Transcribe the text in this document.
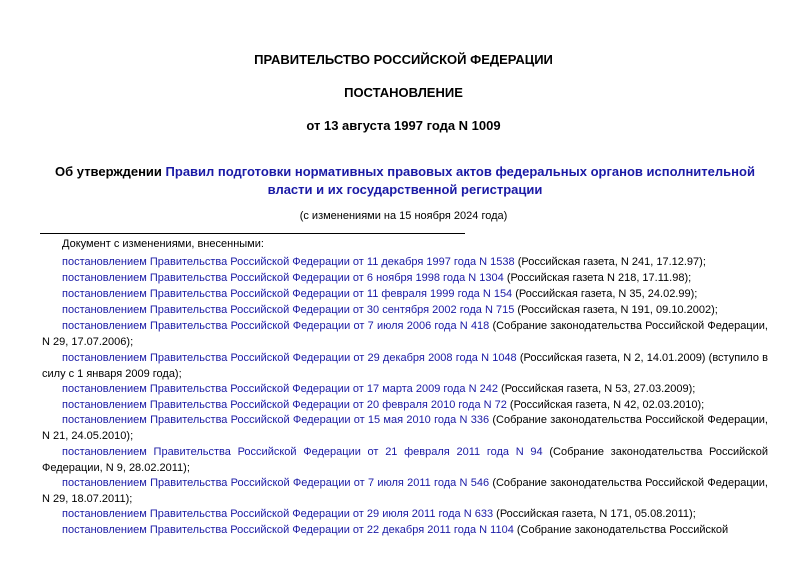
ПРАВИТЕЛЬСТВО РОССИЙСКОЙ ФЕДЕРАЦИИ
ПОСТАНОВЛЕНИЕ
от 13 августа 1997 года N 1009
Об утверждении Правил подготовки нормативных правовых актов федеральных органов исполнительной власти и их государственной регистрации
(с изменениями на 15 ноября 2024 года)
Документ с изменениями, внесенными:
постановлением Правительства Российской Федерации от 11 декабря 1997 года N 1538 (Российская газета, N 241, 17.12.97);
постановлением Правительства Российской Федерации от 6 ноября 1998 года N 1304 (Российская газета N 218, 17.11.98);
постановлением Правительства Российской Федерации от 11 февраля 1999 года N 154 (Российская газета, N 35, 24.02.99);
постановлением Правительства Российской Федерации от 30 сентября 2002 года N 715 (Российская газета, N 191, 09.10.2002);
постановлением Правительства Российской Федерации от 7 июля 2006 года N 418 (Собрание законодательства Российской Федерации, N 29, 17.07.2006);
постановлением Правительства Российской Федерации от 29 декабря 2008 года N 1048 (Российская газета, N 2, 14.01.2009) (вступило в силу с 1 января 2009 года);
постановлением Правительства Российской Федерации от 17 марта 2009 года N 242 (Российская газета, N 53, 27.03.2009);
постановлением Правительства Российской Федерации от 20 февраля 2010 года N 72 (Российская газета, N 42, 02.03.2010);
постановлением Правительства Российской Федерации от 15 мая 2010 года N 336 (Собрание законодательства Российской Федерации, N 21, 24.05.2010);
постановлением Правительства Российской Федерации от 21 февраля 2011 года N 94 (Собрание законодательства Российской Федерации, N 9, 28.02.2011);
постановлением Правительства Российской Федерации от 7 июля 2011 года N 546 (Собрание законодательства Российской Федерации, N 29, 18.07.2011);
постановлением Правительства Российской Федерации от 29 июля 2011 года N 633 (Российская газета, N 171, 05.08.2011);
постановлением Правительства Российской Федерации от 22 декабря 2011 года N 1104 (Собрание законодательства Российской
